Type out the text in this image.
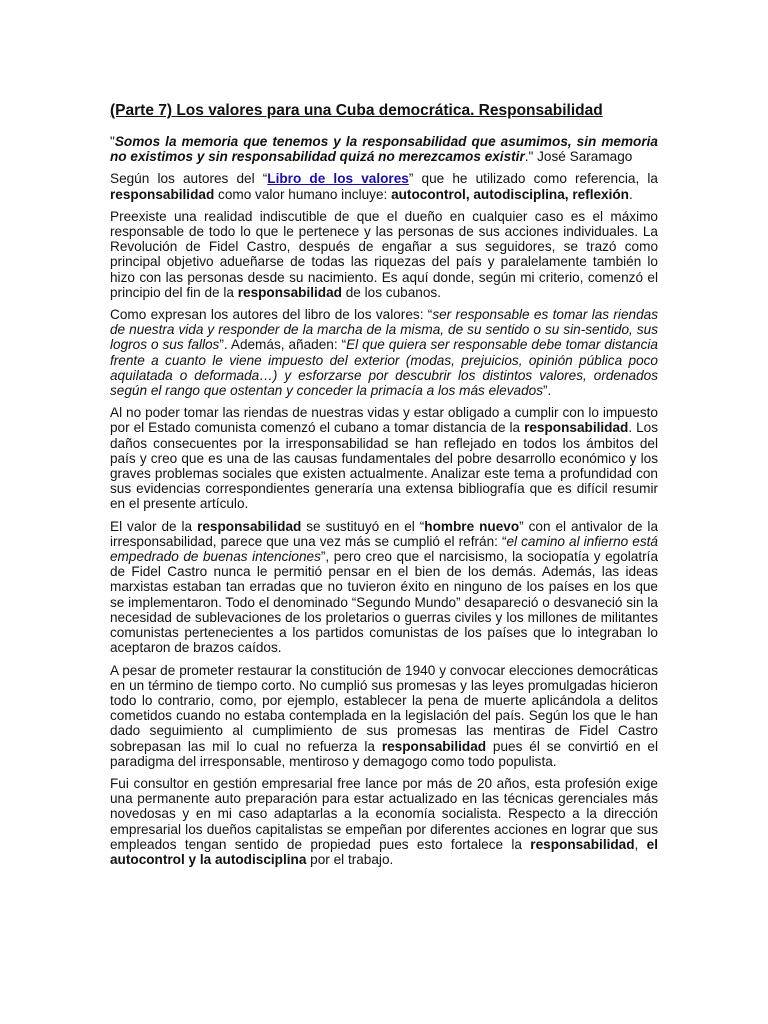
(Parte 7) Los valores para una Cuba democrática. Responsabilidad

"Somos la memoria que tenemos y la responsabilidad que asumimos, sin memoria no existimos y sin responsabilidad quizá no merezcamos existir." José Saramago

Según los autores del “Libro de los valores” que he utilizado como referencia, la responsabilidad como valor humano incluye: autocontrol, autodisciplina, reflexión.

Preexiste una realidad indiscutible de que el dueño en cualquier caso es el máximo responsable de todo lo que le pertenece y las personas de sus acciones individuales. La Revolución de Fidel Castro, después de engañar a sus seguidores, se trazó como principal objetivo adueñarse de todas las riquezas del país y paralelamente también lo hizo con las personas desde su nacimiento. Es aquí donde, según mi criterio, comenzó el principio del fin de la responsabilidad de los cubanos.

Como expresan los autores del libro de los valores: “ser responsable es tomar las riendas de nuestra vida y responder de la marcha de la misma, de su sentido o su sin-sentido, sus logros o sus fallos”. Además, añaden: “El que quiera ser responsable debe tomar distancia frente a cuanto le viene impuesto del exterior (modas, prejuicios, opinión pública poco aquilatada o deformada…) y esforzarse por descubrir los distintos valores, ordenados según el rango que ostentan y conceder la primacía a los más elevados”.

Al no poder tomar las riendas de nuestras vidas y estar obligado a cumplir con lo impuesto por el Estado comunista comenzó el cubano a tomar distancia de la responsabilidad. Los daños consecuentes por la irresponsabilidad se han reflejado en todos los ámbitos del país y creo que es una de las causas fundamentales del pobre desarrollo económico y los graves problemas sociales que existen actualmente. Analizar este tema a profundidad con sus evidencias correspondientes generaría una extensa bibliografía que es difícil resumir en el presente artículo.

El valor de la responsabilidad se sustituyó en el “hombre nuevo” con el antivalor de la irresponsabilidad, parece que una vez más se cumplió el refrán: “el camino al infierno está empedrado de buenas intenciones”, pero creo que el narcisismo, la sociopatía y egolatría de Fidel Castro nunca le permitió pensar en el bien de los demás. Además, las ideas marxistas estaban tan erradas que no tuvieron éxito en ninguno de los países en los que se implementaron. Todo el denominado “Segundo Mundo” desapareció o desvaneció sin la necesidad de sublevaciones de los proletarios o guerras civiles y los millones de militantes comunistas pertenecientes a los partidos comunistas de los países que lo integraban lo aceptaron de brazos caídos.

A pesar de prometer restaurar la constitución de 1940 y convocar elecciones democráticas en un término de tiempo corto. No cumplió sus promesas y las leyes promulgadas hicieron todo lo contrario, como, por ejemplo, establecer la pena de muerte aplicándola a delitos cometidos cuando no estaba contemplada en la legislación del país. Según los que le han dado seguimiento al cumplimiento de sus promesas las mentiras de Fidel Castro sobrepasan las mil lo cual no refuerza la responsabilidad pues él se convirtió en el paradigma del irresponsable, mentiroso y demagogo como todo populista.

Fui consultor en gestión empresarial free lance por más de 20 años, esta profesión exige una permanente auto preparación para estar actualizado en las técnicas gerenciales más novedosas y en mi caso adaptarlas a la economía socialista. Respecto a la dirección empresarial los dueños capitalistas se empeñan por diferentes acciones en lograr que sus empleados tengan sentido de propiedad pues esto fortalece la responsabilidad, el autocontrol y la autodisciplina por el trabajo.
